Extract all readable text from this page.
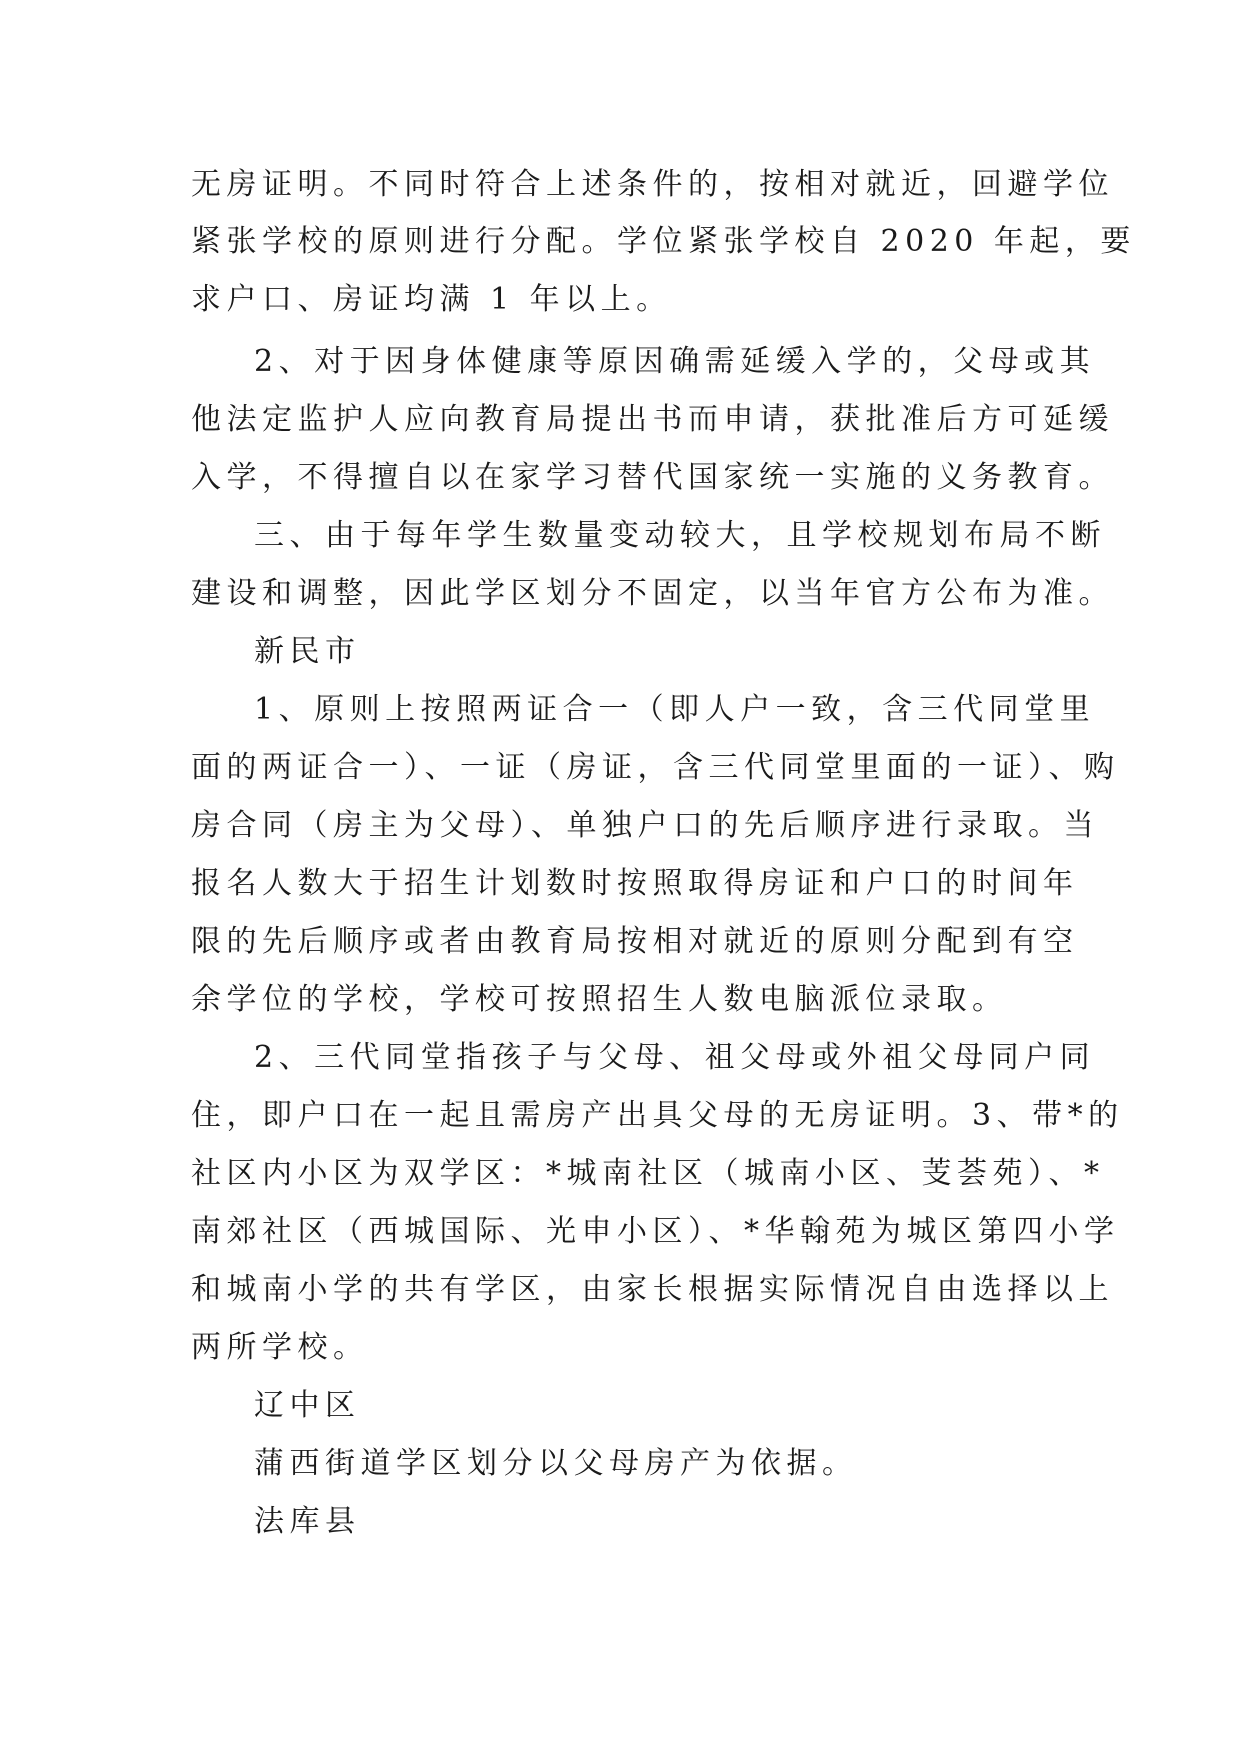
无房证明。不同时符合上述条件的，按相对就近，回避学位
紧张学校的原则进行分配。学位紧张学校自 2020 年起，要
求户口、房证均满 1 年以上。
2、对于因身体健康等原因确需延缓入学的，父母或其
他法定监护人应向教育局提出书而申请，获批准后方可延缓
入学，不得擅自以在家学习替代国家统一实施的义务教育。
三、由于每年学生数量变动较大，且学校规划布局不断
建设和调整，因此学区划分不固定，以当年官方公布为准。
新民市
1、原则上按照两证合一（即人户一致，含三代同堂里
面的两证合一）、一证（房证，含三代同堂里面的一证）、购
房合同（房主为父母）、单独户口的先后顺序进行录取。当
报名人数大于招生计划数时按照取得房证和户口的时间年
限的先后顺序或者由教育局按相对就近的原则分配到有空
余学位的学校，学校可按照招生人数电脑派位录取。
2、三代同堂指孩子与父母、祖父母或外祖父母同户同
住，即户口在一起且需房产出具父母的无房证明。3、带*的
社区内小区为双学区：*城南社区（城南小区、芰荟苑）、*
南郊社区（西城国际、光申小区）、*华翰苑为城区第四小学
和城南小学的共有学区，由家长根据实际情况自由选择以上
两所学校。
辽中区
蒲西街道学区划分以父母房产为依据。
法库县
